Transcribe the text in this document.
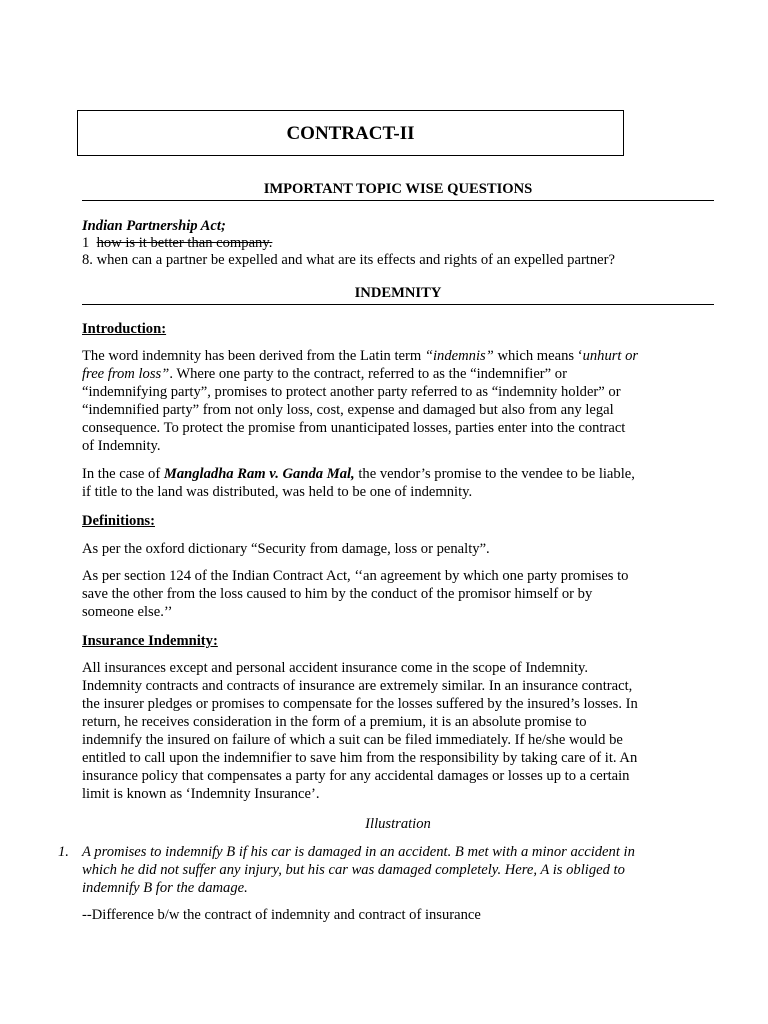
CONTRACT-II
IMPORTANT TOPIC WISE QUESTIONS
Indian Partnership Act;
1 how is it better than company.
8. when can a partner be expelled and what are its effects and rights of an expelled partner?
INDEMNITY
Introduction:
The word indemnity has been derived from the Latin term “indemnis” which means ‘unhurt or
free from loss”. Where one party to the contract, referred to as the “indemnifier” or
“indemnifying party”, promises to protect another party referred to as “indemnity holder” or
“indemnified party” from not only loss, cost, expense and damaged but also from any legal
consequence. To protect the promise from unanticipated losses, parties enter into the contract
of Indemnity.
In the case of Mangladha Ram v. Ganda Mal, the vendor’s promise to the vendee to be liable,
if title to the land was distributed, was held to be one of indemnity.
Definitions:
As per the oxford dictionary “Security from damage, loss or penalty”.
As per section 124 of the Indian Contract Act, ‘‘an agreement by which one party promises to
save the other from the loss caused to him by the conduct of the promisor himself or by
someone else.’’
Insurance Indemnity:
All insurances except and personal accident insurance come in the scope of Indemnity.
Indemnity contracts and contracts of insurance are extremely similar. In an insurance contract,
the insurer pledges or promises to compensate for the losses suffered by the insured’s losses. In
return, he receives consideration in the form of a premium, it is an absolute promise to
indemnify the insured on failure of which a suit can be filed immediately. If he/she would be
entitled to call upon the indemnifier to save him from the responsibility by taking care of it. An
insurance policy that compensates a party for any accidental damages or losses up to a certain
limit is known as ‘Indemnity Insurance’.
Illustration
1. A promises to indemnify B if his car is damaged in an accident. B met with a minor accident in
which he did not suffer any injury, but his car was damaged completely. Here, A is obliged to
indemnify B for the damage.
--Difference b/w the contract of indemnity and contract of insurance
